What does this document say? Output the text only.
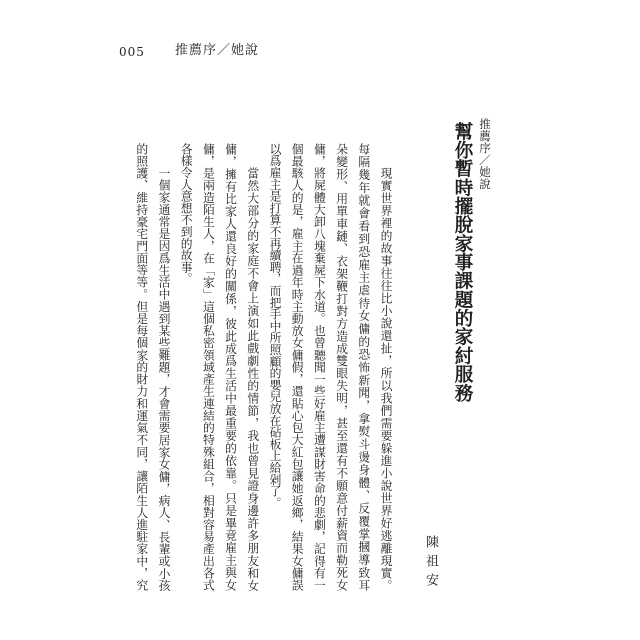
005 推薦序／她說
推薦序／她說
幫你暫時擺脫家事課題的家紂服務
陳祖安
現實世界裡的故事往往比小說還扯，所以我們需要躲進小說世界好逃離現實。
每隔幾年就會看到恐雇主虐待女傭的恐怖新聞，拿熨斗燙身體、反覆掌摑導致耳
朵變形、用單車鏈、衣架鞭打對方造成雙眼失明，甚至還有不願意付薪資而勒死女
傭，將屍體大卸八塊棄屍下水道。也曾聽聞一些好雇主遭謀財害命的悲劇，記得有一
個最駭人的是，雇主在過年時主動放女傭假，還貼心包大紅包讓她返鄉，結果女傭誤
以爲雇主是打算不再續聘，而把手中所照顧的嬰兒放在砧板上給剁了。
當然大部分的家庭不會上演如此戲劇性的情節，我也曾見證身邊許多朋友和女
傭，擁有比家人還良好的關係，彼此成爲生活中最重要的依靠。只是畢竟雇主與女
傭，是兩造陌生人，在「家」這個私密領域產生連結的特殊組合，相對容易產出各式
各樣令人意想不到的故事。
一個家通常是因爲生活中遇到某些難題，才會需要居家女傭，病人、長輩或小孩
的照護、維持豪宅門面等等。但是每個家的財力和運氣不同，讓陌生人進駐家中，究
